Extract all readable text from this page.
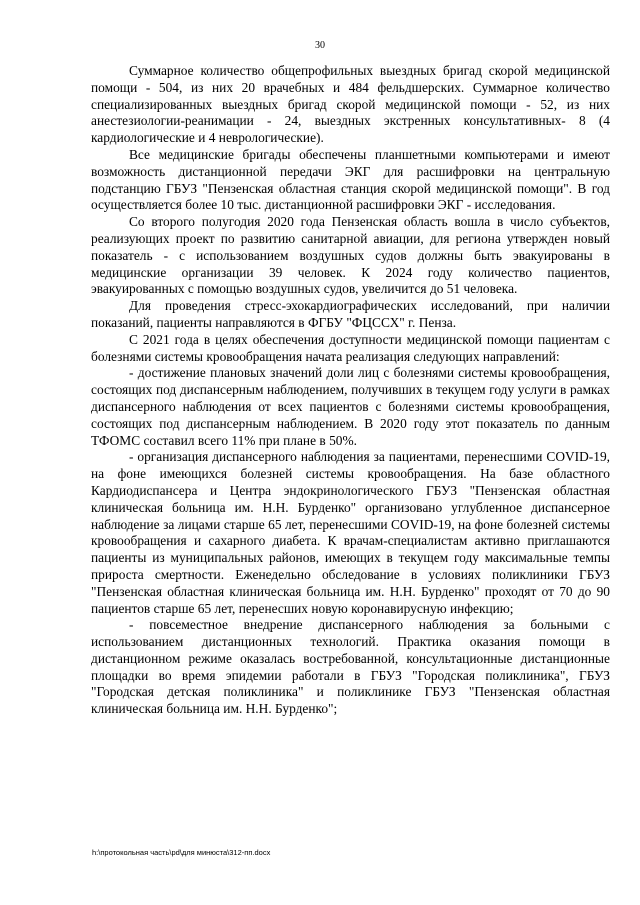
30

Суммарное количество общепрофильных выездных бригад скорой медицинской помощи - 504, из них 20 врачебных и 484 фельдшерских. Суммарное количество специализированных выездных бригад скорой медицинской помощи - 52, из них анестезиологии-реанимации - 24, выездных экстренных консультативных- 8 (4 кардиологические и 4 неврологические).

Все медицинские бригады обеспечены планшетными компьютерами и имеют возможность дистанционной передачи ЭКГ для расшифровки на центральную подстанцию ГБУЗ "Пензенская областная станция скорой медицинской помощи". В год осуществляется более 10 тыс. дистанционной расшифровки ЭКГ - исследования.

Со второго полугодия 2020 года Пензенская область вошла в число субъектов, реализующих проект по развитию санитарной авиации, для региона утвержден новый показатель - с использованием воздушных судов должны быть эвакуированы в медицинские организации 39 человек. К 2024 году количество пациентов, эвакуированных с помощью воздушных судов, увеличится до 51 человека.

Для проведения стресс-эхокардиографических исследований, при наличии показаний, пациенты направляются в ФГБУ "ФЦССХ" г. Пенза.

С 2021 года в целях обеспечения доступности медицинской помощи пациентам с болезнями системы кровообращения начата реализация следующих направлений:

- достижение плановых значений доли лиц с болезнями системы кровообращения, состоящих под диспансерным наблюдением, получивших в текущем году услуги в рамках диспансерного наблюдения от всех пациентов с болезнями системы кровообращения, состоящих под диспансерным наблюдением. В 2020 году этот показатель по данным ТФОМС составил всего 11% при плане в 50%.

- организация диспансерного наблюдения за пациентами, перенесшими COVID-19, на фоне имеющихся болезней системы кровообращения. На базе областного Кардиодиспансера и Центра эндокринологического ГБУЗ "Пензенская областная клиническая больница им. Н.Н. Бурденко" организовано углубленное диспансерное наблюдение за лицами старше 65 лет, перенесшими COVID-19, на фоне болезней системы кровообращения и сахарного диабета. К врачам-специалистам активно приглашаются пациенты из муниципальных районов, имеющих в текущем году максимальные темпы прироста смертности. Еженедельно обследование в условиях поликлиники ГБУЗ "Пензенская областная клиническая больница им. Н.Н. Бурденко" проходят от 70 до 90 пациентов старше 65 лет, перенесших новую коронавирусную инфекцию;

- повсеместное внедрение диспансерного наблюдения за больными с использованием дистанционных технологий. Практика оказания помощи в дистанционном режиме оказалась востребованной, консультационные дистанционные площадки во время эпидемии работали в ГБУЗ "Городская поликлиника", ГБУЗ "Городская детская поликлиника" и поликлинике ГБУЗ "Пензенская областная клиническая больница им. Н.Н. Бурденко";

h:\протокольная часть\pd\для минюста\312-пп.docx
